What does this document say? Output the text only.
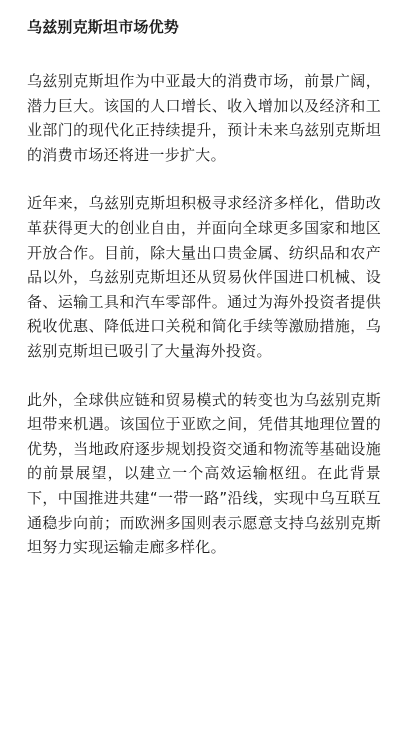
乌兹别克斯坦市场优势

乌兹别克斯坦作为中亚最大的消费市场，前景广阔，潜力巨大。该国的人口增长、收入增加以及经济和工业部门的现代化正持续提升，预计未来乌兹别克斯坦的消费市场还将进一步扩大。

近年来，乌兹别克斯坦积极寻求经济多样化，借助改革获得更大的创业自由，并面向全球更多国家和地区开放合作。目前，除大量出口贵金属、纺织品和农产品以外，乌兹别克斯坦还从贸易伙伴国进口机械、设备、运输工具和汽车零部件。通过为海外投资者提供税收优惠、降低进口关税和简化手续等激励措施，乌兹别克斯坦已吸引了大量海外投资。

此外，全球供应链和贸易模式的转变也为乌兹别克斯坦带来机遇。该国位于亚欧之间，凭借其地理位置的优势，当地政府逐步规划投资交通和物流等基础设施的前景展望，以建立一个高效运输枢纽。在此背景下，中国推进共建“一带一路”沿线，实现中乌互联互通稳步向前；而欧洲多国则表示愿意支持乌兹别克斯坦努力实现运输走廊多样化。
